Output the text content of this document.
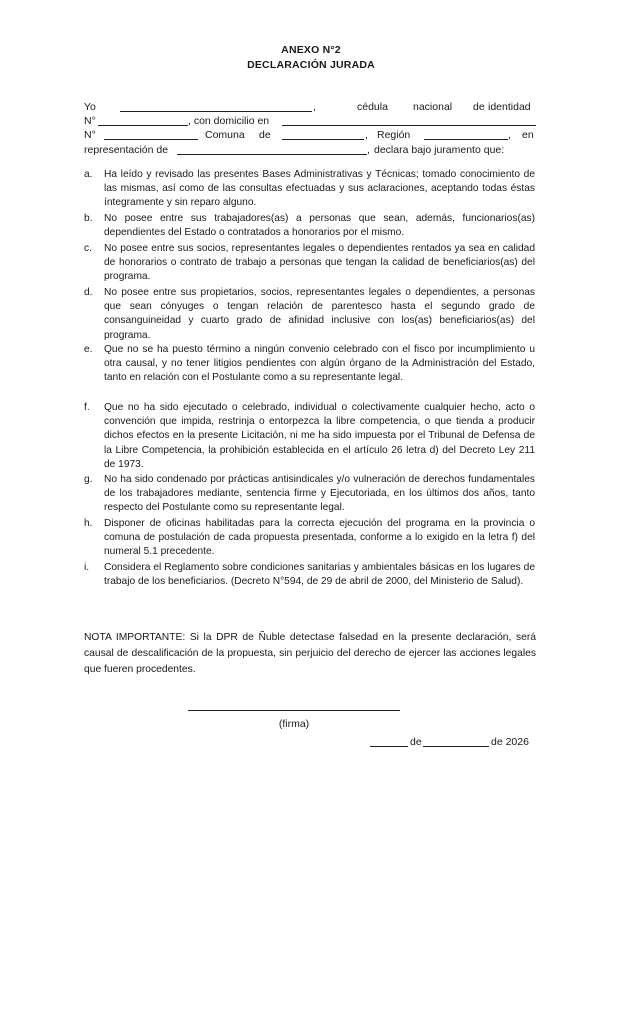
ANEXO N°2
DECLARACIÓN JURADA
Yo	,	cédula nacional de identidad
N°	, con domicilio en
N°	Comuna de	, Región	, en
representación de	, declara bajo juramento que:
a.	Ha leído y revisado las presentes Bases Administrativas y Técnicas; tomado conocimiento de las mismas, así como de las consultas efectuadas y sus aclaraciones, aceptando todas éstas íntegramente y sin reparo alguno.
b.	No posee entre sus trabajadores(as) a personas que sean, además, funcionarios(as) dependientes del Estado o contratados a honorarios por el mismo.
c.	No posee entre sus socios, representantes legales o dependientes rentados ya sea en calidad de honorarios o contrato de trabajo a personas que tengan la calidad de beneficiarios(as) del programa.
d.	No posee entre sus propietarios, socios, representantes legales o dependientes, a personas que sean cónyuges o tengan relación de parentesco hasta el segundo grado de consanguineidad y cuarto grado de afinidad inclusive con los(as) beneficiarios(as) del programa.
e.	Que no se ha puesto término a ningún convenio celebrado con el fisco por incumplimiento u otra causal, y no tener litigios pendientes con algún órgano de la Administración del Estado, tanto en relación con el Postulante como a su representante legal.
f.	Que no ha sido ejecutado o celebrado, individual o colectivamente cualquier hecho, acto o convención que impida, restrinja o entorpezca la libre competencia, o que tienda a producir dichos efectos en la presente Licitación, ni me ha sido impuesta por el Tribunal de Defensa de la Libre Competencia, la prohibición establecida en el artículo 26 letra d) del Decreto Ley 211 de 1973.
g.	No ha sido condenado por prácticas antisindicales y/o vulneración de derechos fundamentales de los trabajadores mediante, sentencia firme y Ejecutoriada, en los últimos dos años, tanto respecto del Postulante como su representante legal.
h.	Disponer de oficinas habilitadas para la correcta ejecución del programa en la provincia o comuna de postulación de cada propuesta presentada, conforme a lo exigido en la letra f) del numeral 5.1 precedente.
i.	Considera el Reglamento sobre condiciones sanitarias y ambientales básicas en los lugares de trabajo de los beneficiarios. (Decreto N°594, de 29 de abril de 2000, del Ministerio de Salud).
NOTA IMPORTANTE: Si la DPR de Ñuble detectase falsedad en la presente declaración, será causal de descalificación de la propuesta, sin perjuicio del derecho de ejercer las acciones legales que fueren procedentes.
(firma)
de	de 2026
